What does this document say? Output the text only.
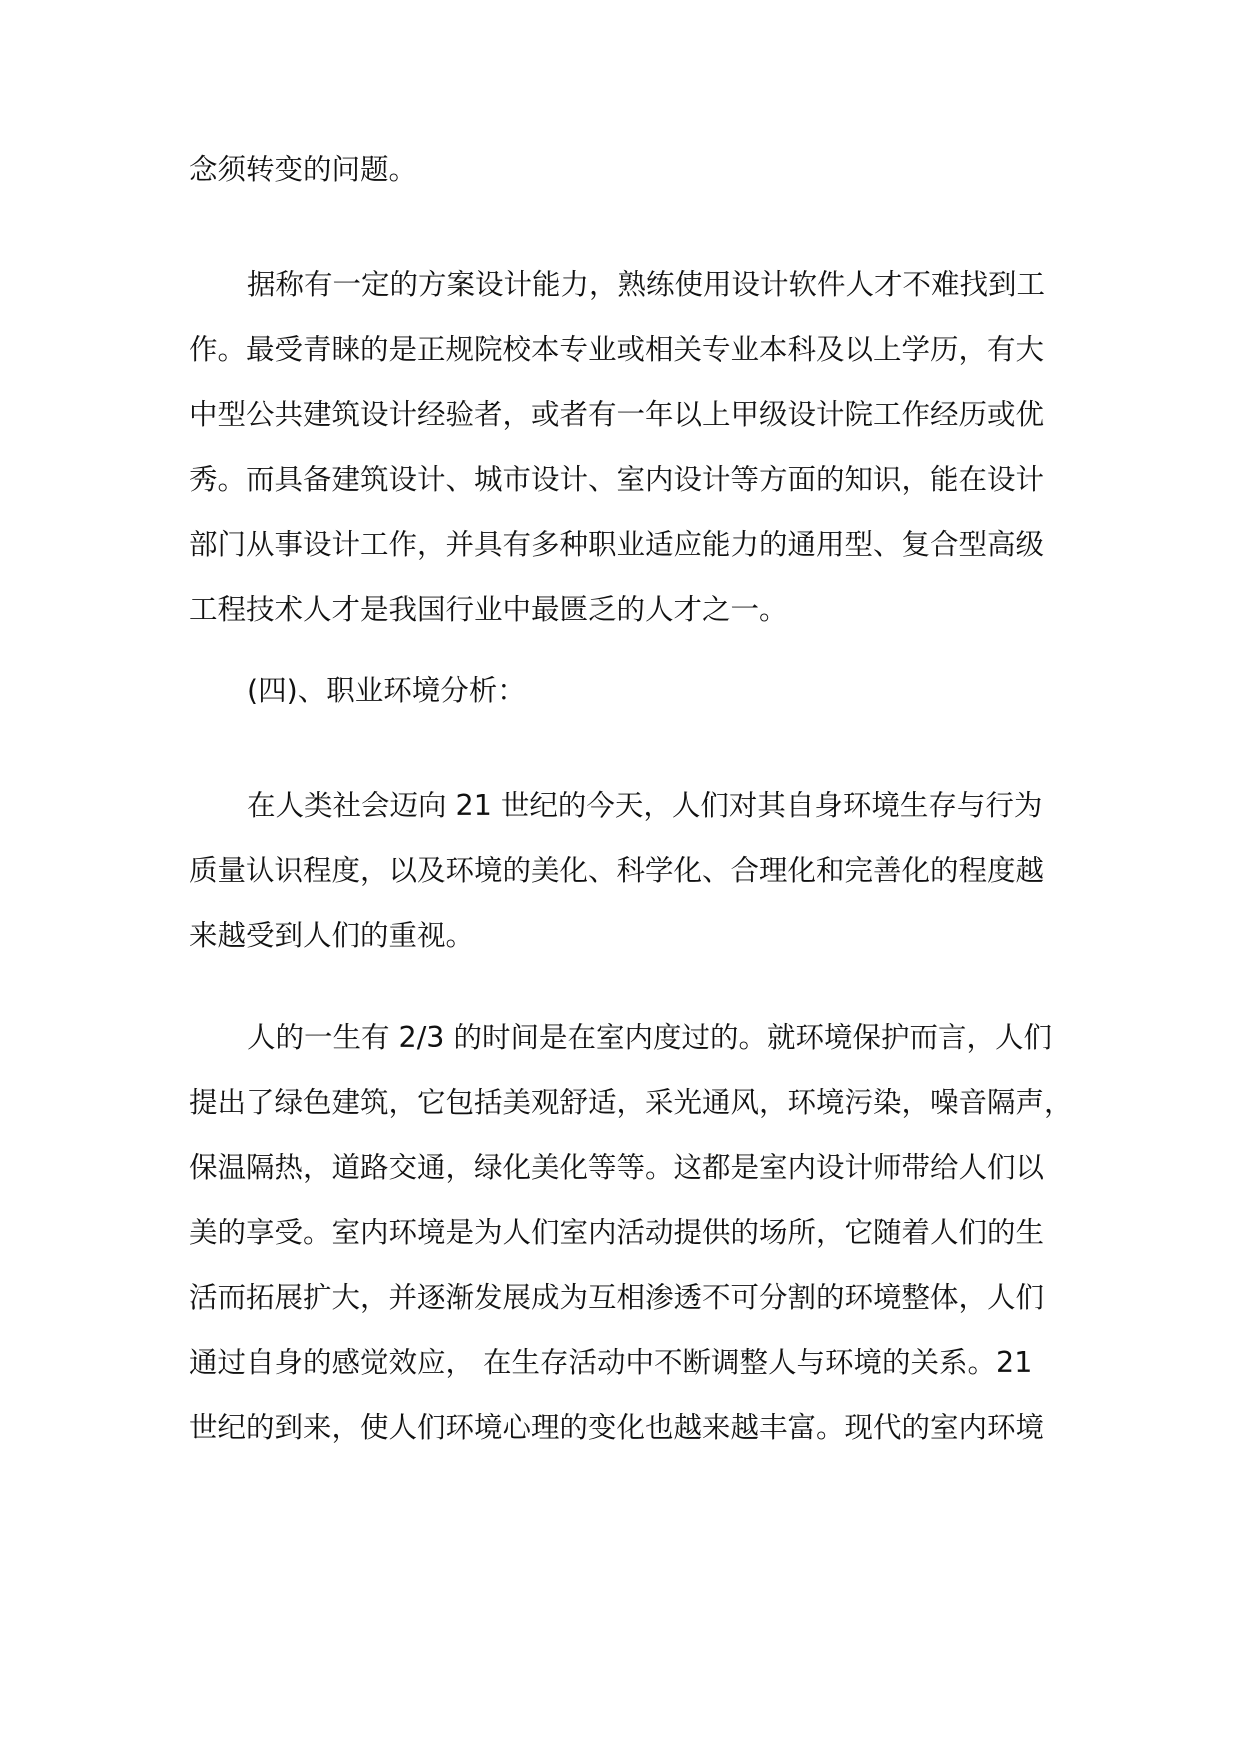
念须转变的问题。
据称有一定的方案设计能力，熟练使用设计软件人才不难找到工
作。最受青睐的是正规院校本专业或相关专业本科及以上学历，有大
中型公共建筑设计经验者，或者有一年以上甲级设计院工作经历或优
秀。而具备建筑设计、城市设计、室内设计等方面的知识，能在设计
部门从事设计工作，并具有多种职业适应能力的通用型、复合型高级
工程技术人才是我国行业中最匮乏的人才之一。
(四)、职业环境分析：
在人类社会迈向 21 世纪的今天，人们对其自身环境生存与行为
质量认识程度，以及环境的美化、科学化、合理化和完善化的程度越
来越受到人们的重视。
人的一生有 2/3 的时间是在室内度过的。就环境保护而言，人们
提出了绿色建筑，它包括美观舒适，采光通风，环境污染，噪音隔声，
保温隔热，道路交通，绿化美化等等。这都是室内设计师带给人们以
美的享受。室内环境是为人们室内活动提供的场所，它随着人们的生
活而拓展扩大，并逐渐发展成为互相渗透不可分割的环境整体，人们
通过自身的感觉效应， 在生存活动中不断调整人与环境的关系。21
世纪的到来，使人们环境心理的变化也越来越丰富。现代的室内环境
